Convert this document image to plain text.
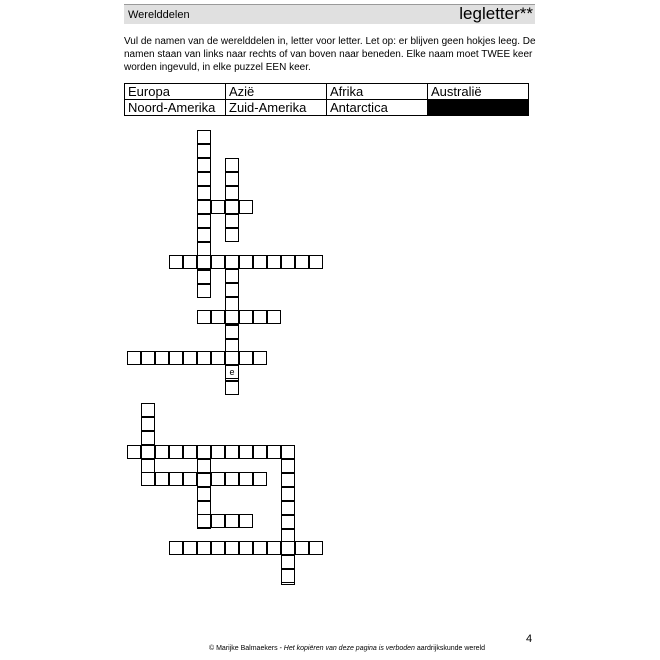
Werelddelen	legletter**

Vul de namen van de werelddelen in, letter voor letter. Let op: er blijven geen hokjes leeg. De namen staan van links naar rechts of van boven naar beneden. Elke naam moet TWEE keer worden ingevuld, in elke puzzel EEN keer.

Europa	Azië	Afrika	Australië
Noord-Amerika	Zuid-Amerika	Antarctica	
e
© Marijke Balmaekers - Het kopiëren van deze pagina is verboden aardrijkskunde wereld
4
